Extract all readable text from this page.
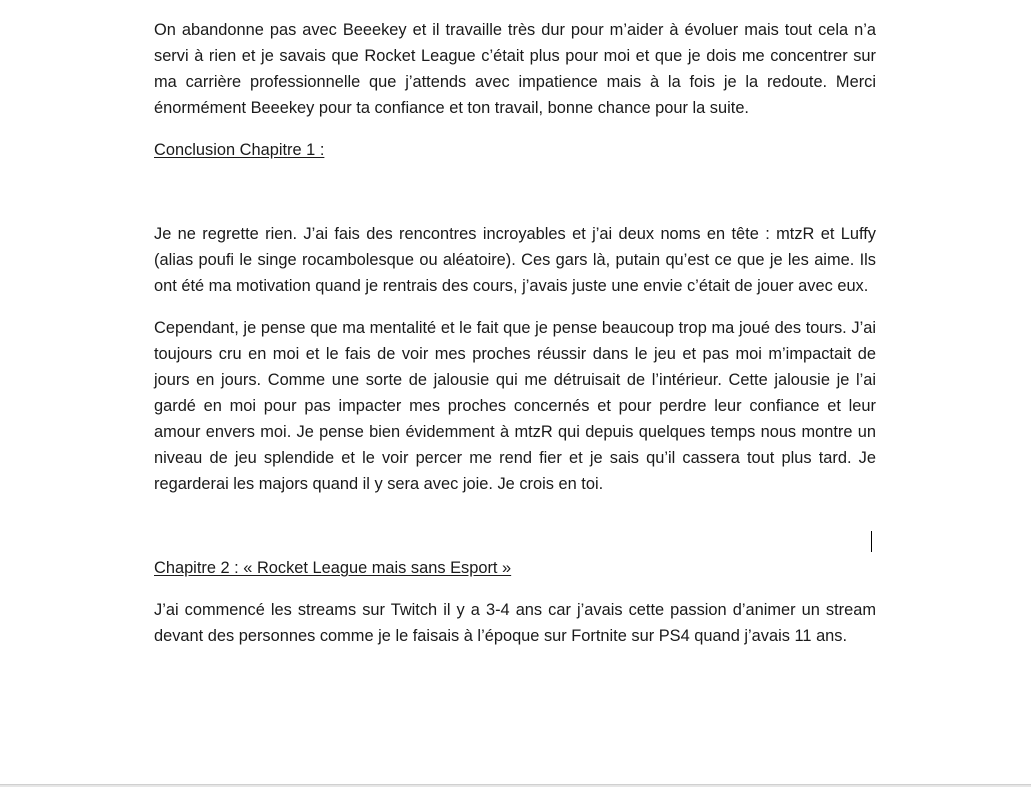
On abandonne pas avec Beeekey et il travaille très dur pour m’aider à évoluer mais tout cela n’a servi à rien et je savais que Rocket League c’était plus pour moi et que je dois me concentrer sur ma carrière professionnelle que j’attends avec impatience mais à la fois je la redoute. Merci énormément Beeekey pour ta confiance et ton travail, bonne chance pour la suite.

Conclusion Chapitre 1 :

Je ne regrette rien. J’ai fais des rencontres incroyables et j’ai deux noms en tête : mtzR et Luffy (alias poufi le singe rocambolesque ou aléatoire). Ces gars là, putain qu’est ce que je les aime. Ils ont été ma motivation quand je rentrais des cours, j’avais juste une envie c’était de jouer avec eux.

Cependant, je pense que ma mentalité et le fait que je pense beaucoup trop ma joué des tours. J’ai toujours cru en moi et le fais de voir mes proches réussir dans le jeu et pas moi m’impactait de jours en jours. Comme une sorte de jalousie qui me détruisait de l’intérieur. Cette jalousie je l’ai gardé en moi pour pas impacter mes proches concernés et pour perdre leur confiance et leur amour envers moi. Je pense bien évidemment à mtzR qui depuis quelques temps nous montre un niveau de jeu splendide et le voir percer me rend fier et je sais qu’il cassera tout plus tard. Je regarderai les majors quand il y sera avec joie. Je crois en toi.

Chapitre 2 : « Rocket League mais sans Esport »

J’ai commencé les streams sur Twitch il y a 3-4 ans car j’avais cette passion d’animer un stream devant des personnes comme je le faisais à l’époque sur Fortnite sur PS4 quand j’avais 11 ans.
